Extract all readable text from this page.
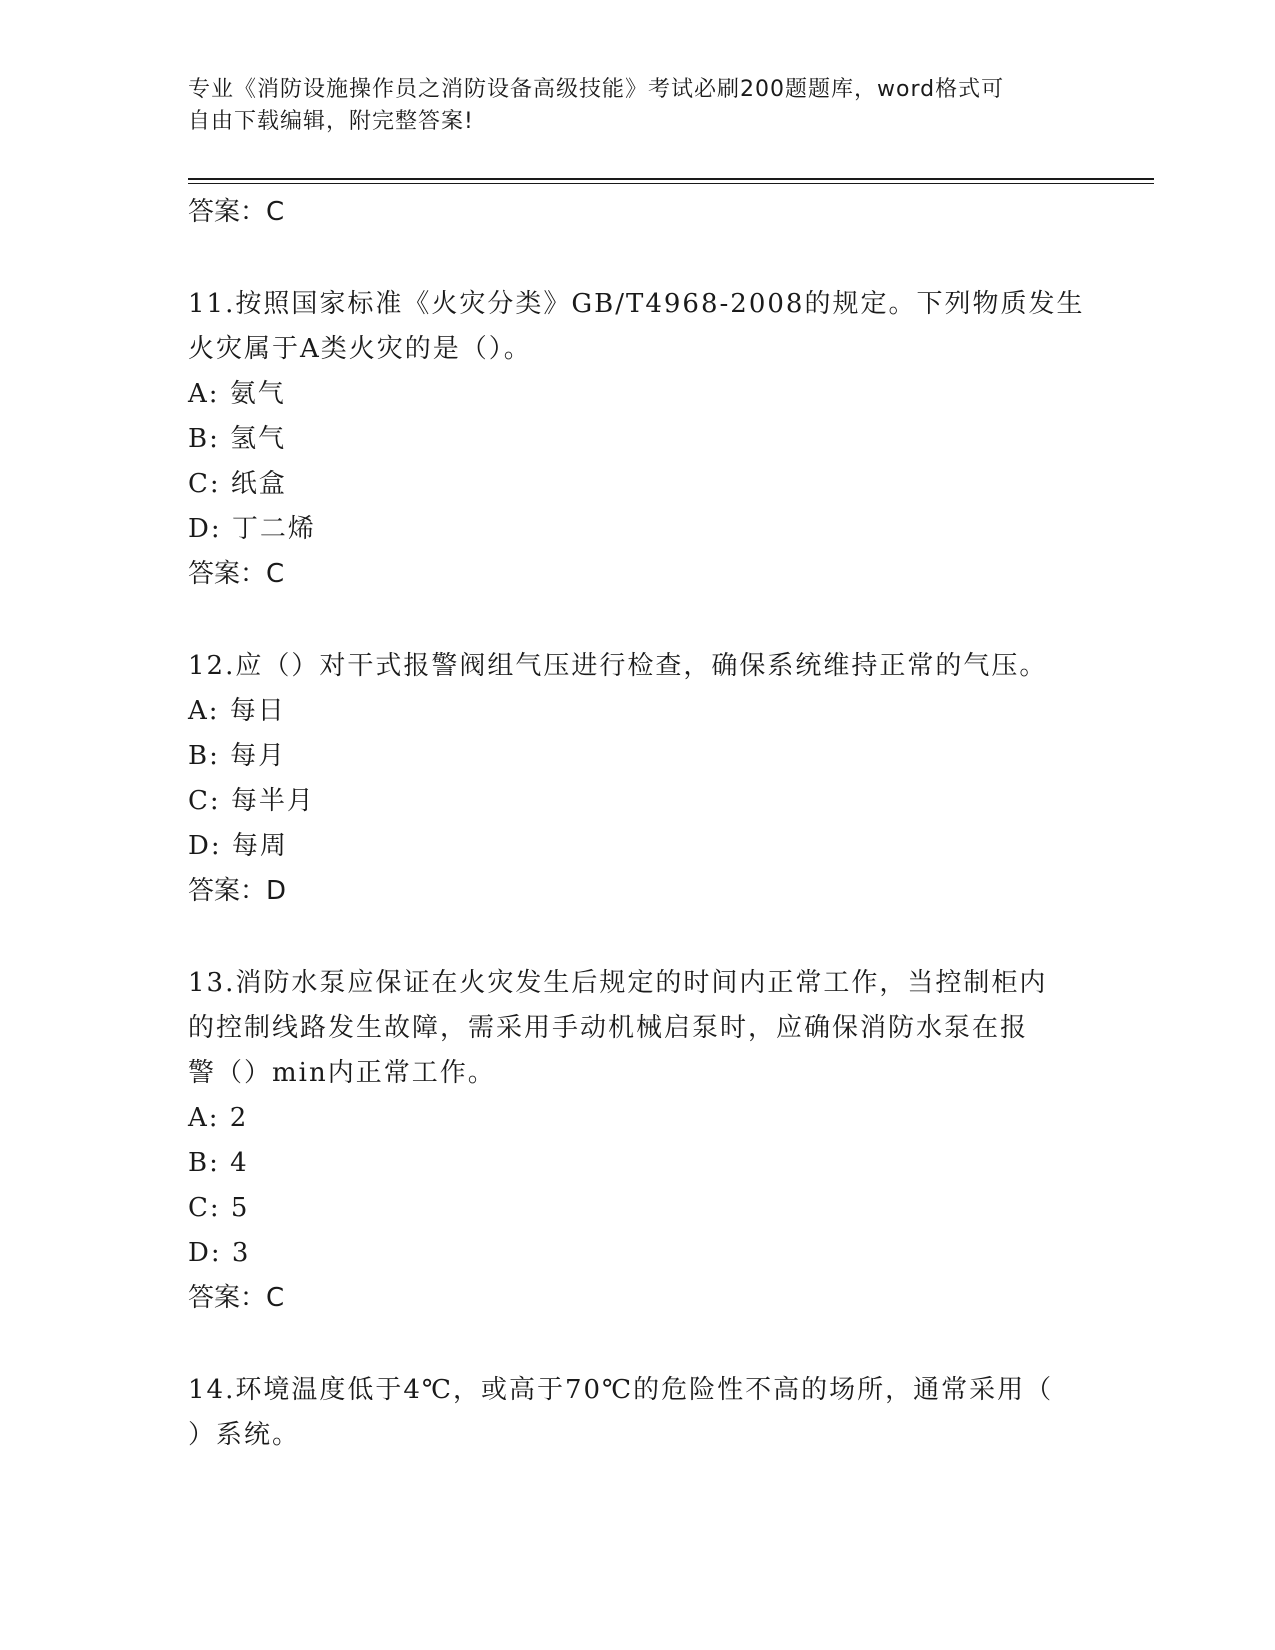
专业《消防设施操作员之消防设备高级技能》考试必刷200题题库，word格式可
自由下载编辑，附完整答案!
答案：C
11.按照国家标准《火灾分类》GB/T4968-2008的规定。下列物质发生
火灾属于A类火灾的是（）。
A: 氨气
B: 氢气
C: 纸盒
D: 丁二烯
答案：C
12.应（）对干式报警阀组气压进行检查，确保系统维持正常的气压。
A: 每日
B: 每月
C: 每半月
D: 每周
答案：D
13.消防水泵应保证在火灾发生后规定的时间内正常工作，当控制柜内
的控制线路发生故障，需采用手动机械启泵时，应确保消防水泵在报
警（）min内正常工作。
A: 2
B: 4
C: 5
D: 3
答案：C
14.环境温度低于4℃，或高于70℃的危险性不高的场所，通常采用（
）系统。
